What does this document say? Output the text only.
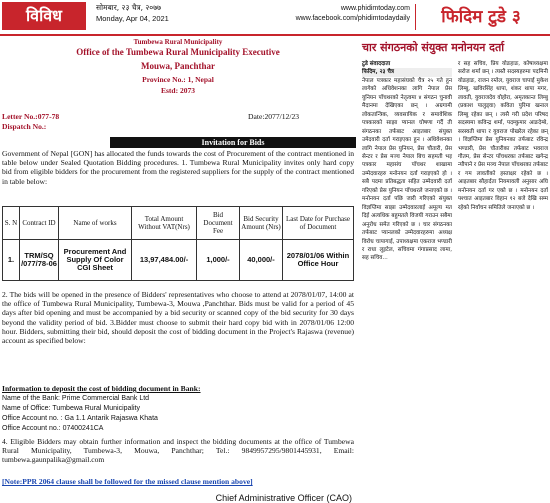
विविध	सोमबार, २३ चैत्र, २०७७
Monday, Apr 04, 2021
www.phidimtoday.com
www.facebook.com/phidimtodaydaily	फिदिम टुडे ३
Tumbewa Rural Municipality
Office of the Tumbewa Rural Municipality Executive
Mouwa, Panchthar
Province No.: 1, Nepal
Estd: 2073
Letter No.:077-78	Date:2077/12/23
Dispatch No.:
Invitation for Bids
Government of Nepal [GON] has allocated the funds towards the cost of Procurement of the contract mentioned in table below under Sealed Quotation Bidding procedures. 1. Tumbewa Rural Municipality invites only hard copy bid from eligible bidders for the procurement from the registered suppliers for the supply of the contract mentioned in table below:
S. N	Contract ID	Name of works	Total Amount Without VAT(Nrs)	Bid Document Fee	Bid Security Amount (Nrs)	Last Date for Purchase of Document
1.	TRM/SQ /077/78-06	Procurement And Supply Of Color CGI Sheet	13,97,484.00/-	1,000/-	40,000/-	2078/01/06 Within Office Hour
2. The bids will be opened in the presence of Bidders' representatives who choose to attend at 2078/01/07, 14:00 at the office of Tumbewa Rural Municipality, Tumbewa-3, Mouwa ,Panchthar. Bids must be valid for a period of 45 days after bid opening and must be accompanied by a bid security or scanned copy of the bid security for 30 days beyond the validity period of bid. 3.Bidder must choose to submit their hard copy bid with in 2078/01/06 12:00 hour. Bidders, submitting their bid, should deposit the cost of bidding document in the Project's Rajaswa (revenue) account as specified below:
Information to deposit the cost of bidding document in Bank:
Name of the Bank: Prime Commercial Bank Ltd
Name of Office: Tumbewa Rural Municipality
Office Account no. : Ga 1.1 Antarik Rajaswa Khata
Office Account no.: 07400241CA
4. Eligible Bidders may obtain further information and inspect the bidding documents at the office of Tumbewa Rural Municipality, Tumbewa-3, Mouwa, Panchthar; Tel.: 9849957295/9801445931, Email: tumbewa.gaunpalika@gmail.com
[Note:PPR 2064 clause shall be followed for the missed clause mention above]
Chief Administrative Officer (CAO)
चार संगठनको संयुक्त मनोनयन दर्ता

टुडे संवाददाता

फिदिम, २३ चैत्र

नेपाल पत्रकार महासंघको चैत्र २५ गते हुन लागेको अधिवेशनका लागि नेपाल प्रेस युनियन पाँचथरको नेतृत्वमा ४ संगठन चुनावी मैदानमा देखिएका छन् । अग्रगामी लोकतान्त्रिक, व्यवसायिक र समावेशिक पत्रकारको साझा प्यानल घोषणा गर्दै ती संगठनका तर्फबाट आइतबार संयुक्त उमेदवारी दर्ता गराइएका हुन । अधिवेशनका लागि नेपाल प्रेस युनियन, प्रेस चौतारी, प्रेस सेन्टर र प्रेस मञ्च नेपाल बिच सहमती भइ पत्रकार महासंघ पाँचथर शाखामा उम्मेदवारहरु मनोनयन दर्ता गराइएको हो । सबै पदमा प्रतिबद्धता सहित उम्मेदवारी दर्ता गरिएको प्रेस युनियन पाँचथरले जनाएको छ । मनोनयन दर्ता पछि जारी गरिएको संयुक्त विज्ञप्तिमा साझा उम्मेदवारलाई अमूल्य मत दिई अत्यधिक बहुमतले विजयी गराउन सबैमा अनुरोध समेत गरिएको छ । चार संगठनका तर्फबाट प्यानलको उम्मेदवारहरुमा अध्यक्ष विरोध चापागाई, उपाध्यक्षमा एकराज भण्डारी र राधा लुइटेल, सचिवमा गंगाप्रसाद लामा, सह सचिव...

र सह सचिव, प्रिय योङहाङ, कोषाध्यक्षमा सरोज शर्मा छन् । त्यस्तै सदस्यहरुमा पदमिनी योङहाङ, राजन रम्तेल, युवराज चापाई मुकेश लिम्बु, खविरसिंह थापा, शंकर थापा मगर, लावती, युवराजदेव वोहोरा, अमृतकान्त लिम्बु (प्रकाश पालुड्वा) कविता पुरिमा खनाल लिम्बु रहेका छन् । त्यसै गरी प्रदेश परिषद सदस्यमा कविन्द्र शर्मा, पदम्कुमार आङदेम्बे, सरस्वती थापा र युवराज पोखरेल रहेका छन् । विज्ञप्तिमा प्रेस युनियनका तर्फबाट रविन्द्र भण्डारी, प्रेस चौतारीका तर्फबाट भवराज गौतम, प्रेस सेन्टर पाँचथरका तर्फबाट खगेन्द्र न्यौपाने र प्रेस मञ्च नेपाल पाँचथरका तर्फबाट र गम लावतीको हस्ताक्षर रहेको छ । आइतबार सौहार्दता नियमावली अनुसार अघि मनोनयन दर्ता गर एको छ । मनोनयन दर्ता पश्चात आइतबार विहान १२ बजे देखि सम्म रहेको निर्वाचन समितिले जनाएको छ ।
